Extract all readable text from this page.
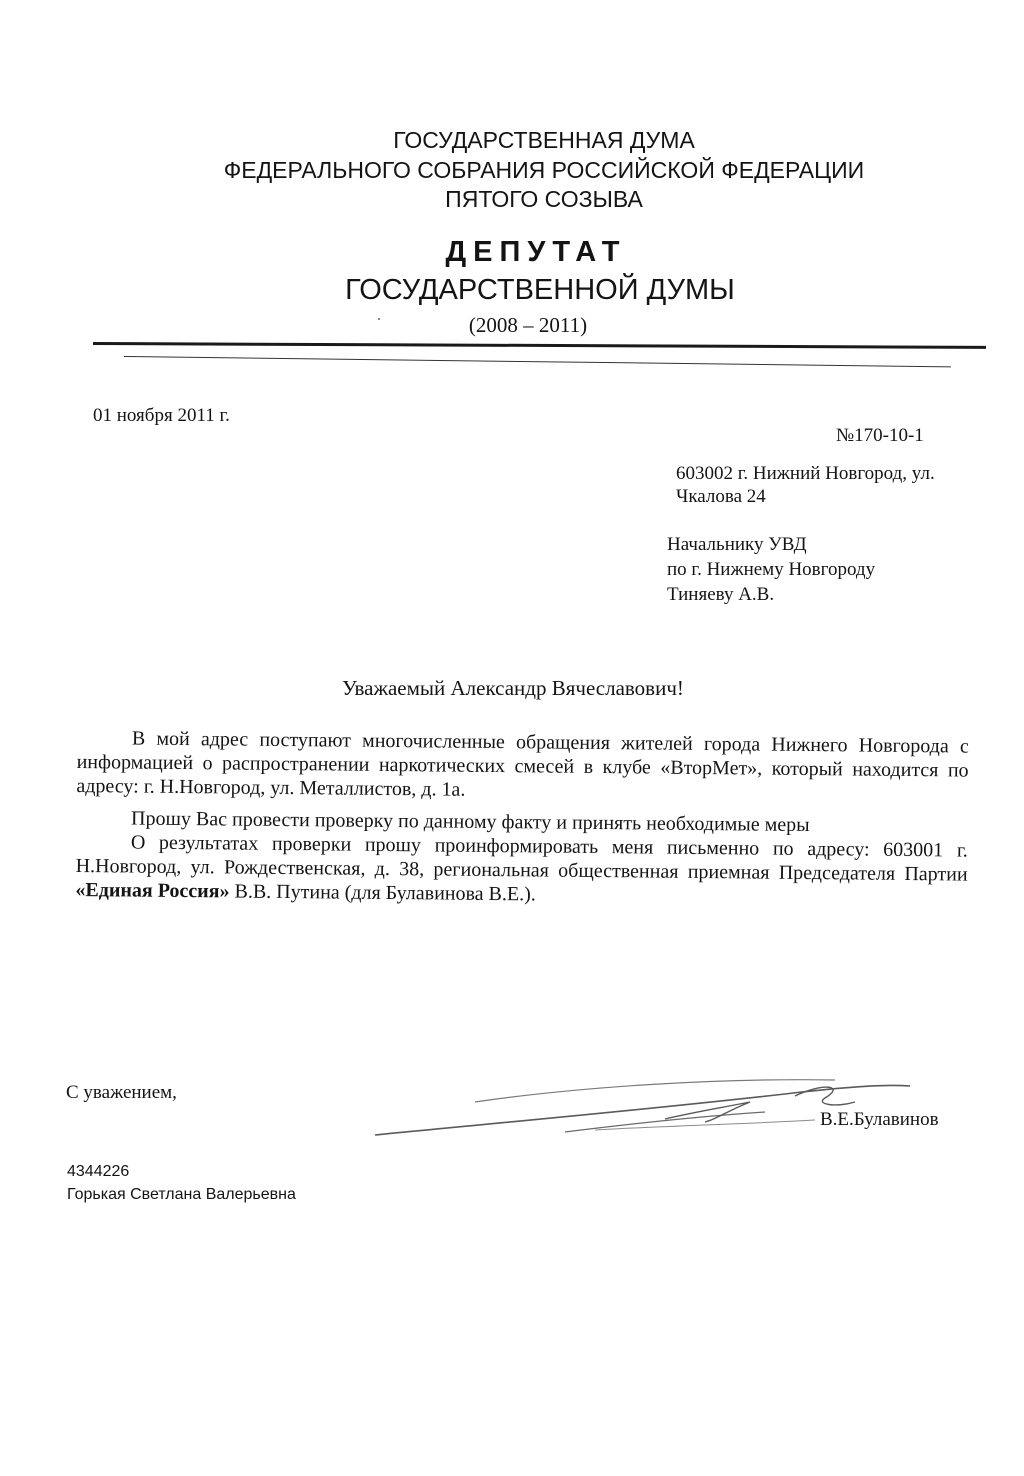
ГОСУДАРСТВЕННАЯ ДУМА
ФЕДЕРАЛЬНОГО СОБРАНИЯ РОССИЙСКОЙ ФЕДЕРАЦИИ
ПЯТОГО СОЗЫВА
ДЕПУТАТ
ГОСУДАРСТВЕННОЙ ДУМЫ
(2008 – 2011)
01 ноября 2011 г.
№170-10-1
603002 г. Нижний Новгород, ул.
Чкалова 24
Начальнику УВД
по г. Нижнему Новгороду
Тиняеву А.В.
Уважаемый Александр Вячеславович!

В мой адрес поступают многочисленные обращения жителей города Нижнего Новгорода с информацией о распространении наркотических смесей в клубе «ВторМет», который находится по адресу: г. Н.Новгород, ул. Металлистов, д. 1а.

Прошу Вас провести проверку по данному факту и принять необходимые меры

О результатах проверки прошу проинформировать меня письменно по адресу: 603001 г. Н.Новгород, ул. Рождественская, д. 38, региональная общественная приемная Председателя Партии «Единая Россия» В.В. Путина (для Булавинова В.Е.).

С уважением,
В.Е.Булавинов
4344226
Горькая Светлана Валерьевна
